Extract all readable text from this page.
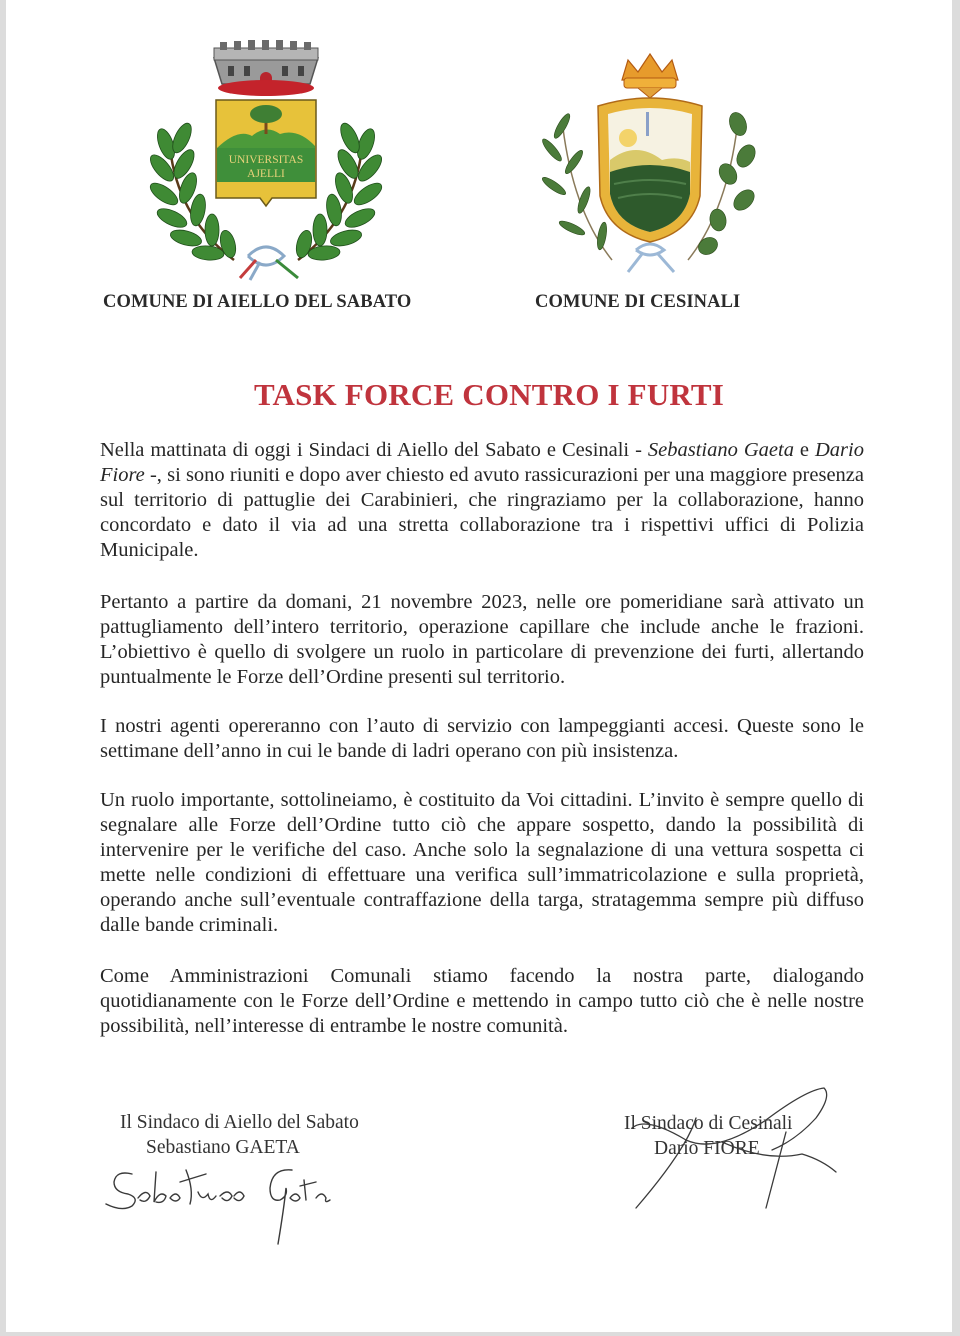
UNIVERSITAS
AJELLI
COMUNE DI AIELLO DEL SABATO	COMUNE DI CESINALI
TASK FORCE CONTRO I FURTI

Nella mattinata di oggi i Sindaci di Aiello del Sabato e Cesinali - Sebastiano Gaeta e Dario Fiore -, si sono riuniti e dopo aver chiesto ed avuto rassicurazioni per una maggiore presenza sul territorio di pattuglie dei Carabinieri, che ringraziamo per la collaborazione, hanno concordato e dato il via ad una stretta collaborazione tra i rispettivi uffici di Polizia Municipale.

Pertanto a partire da domani, 21 novembre 2023, nelle ore pomeridiane sarà attivato un pattugliamento dell’intero territorio, operazione capillare che include anche le frazioni. L’obiettivo è quello di svolgere un ruolo in particolare di prevenzione dei furti, allertando puntualmente le Forze dell’Ordine presenti sul territorio.

I nostri agenti opereranno con l’auto di servizio con lampeggianti accesi. Queste sono le settimane dell’anno in cui le bande di ladri operano con più insistenza.

Un ruolo importante, sottolineiamo, è costituito da Voi cittadini. L’invito è sempre quello di segnalare alle Forze dell’Ordine tutto ciò che appare sospetto, dando la possibilità di intervenire per le verifiche del caso. Anche solo la segnalazione di una vettura sospetta ci mette nelle condizioni di effettuare una verifica sull’immatricolazione e sulla proprietà, operando anche sull’eventuale contraffazione della targa, stratagemma sempre più diffuso dalle bande criminali.

Come Amministrazioni Comunali stiamo facendo la nostra parte, dialogando quotidianamente con le Forze dell’Ordine e mettendo in campo tutto ciò che è nelle nostre possibilità, nell’interesse di entrambe le nostre comunità.

Il Sindaco di Aiello del Sabato
Sebastiano GAETA
Il Sindaco di Cesinali
Dario FIORE
